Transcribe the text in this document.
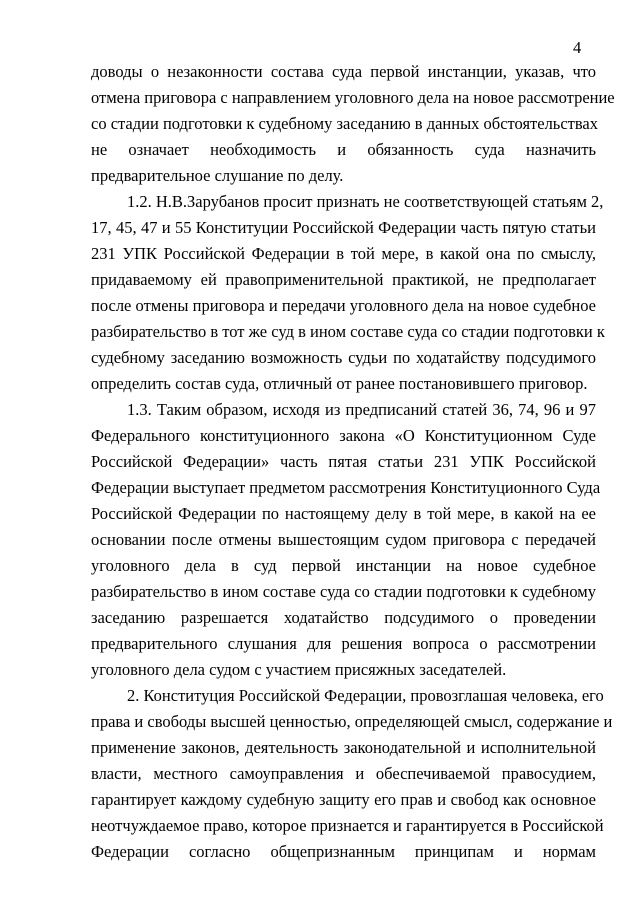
4
доводы о незаконности состава суда первой инстанции, указав, что
отмена приговора с направлением уголовного дела на новое рассмотрение
со стадии подготовки к судебному заседанию в данных обстоятельствах
не означает необходимость и обязанность суда назначить
предварительное слушание по делу.
1.2. Н.В.Зарубанов просит признать не соответствующей статьям 2,
17, 45, 47 и 55 Конституции Российской Федерации часть пятую статьи
231 УПК Российской Федерации в той мере, в какой она по смыслу,
придаваемому ей правоприменительной практикой, не предполагает
после отмены приговора и передачи уголовного дела на новое судебное
разбирательство в тот же суд в ином составе суда со стадии подготовки к
судебному заседанию возможность судьи по ходатайству подсудимого
определить состав суда, отличный от ранее постановившего приговор.
1.3. Таким образом, исходя из предписаний статей 36, 74, 96 и 97
Федерального конституционного закона «О Конституционном Суде
Российской Федерации» часть пятая статьи 231 УПК Российской
Федерации выступает предметом рассмотрения Конституционного Суда
Российской Федерации по настоящему делу в той мере, в какой на ее
основании после отмены вышестоящим судом приговора с передачей
уголовного дела в суд первой инстанции на новое судебное
разбирательство в ином составе суда со стадии подготовки к судебному
заседанию разрешается ходатайство подсудимого о проведении
предварительного слушания для решения вопроса о рассмотрении
уголовного дела судом с участием присяжных заседателей.
2. Конституция Российской Федерации, провозглашая человека, его
права и свободы высшей ценностью, определяющей смысл, содержание и
применение законов, деятельность законодательной и исполнительной
власти, местного самоуправления и обеспечиваемой правосудием,
гарантирует каждому судебную защиту его прав и свобод как основное
неотчуждаемое право, которое признается и гарантируется в Российской
Федерации согласно общепризнанным принципам и нормам
